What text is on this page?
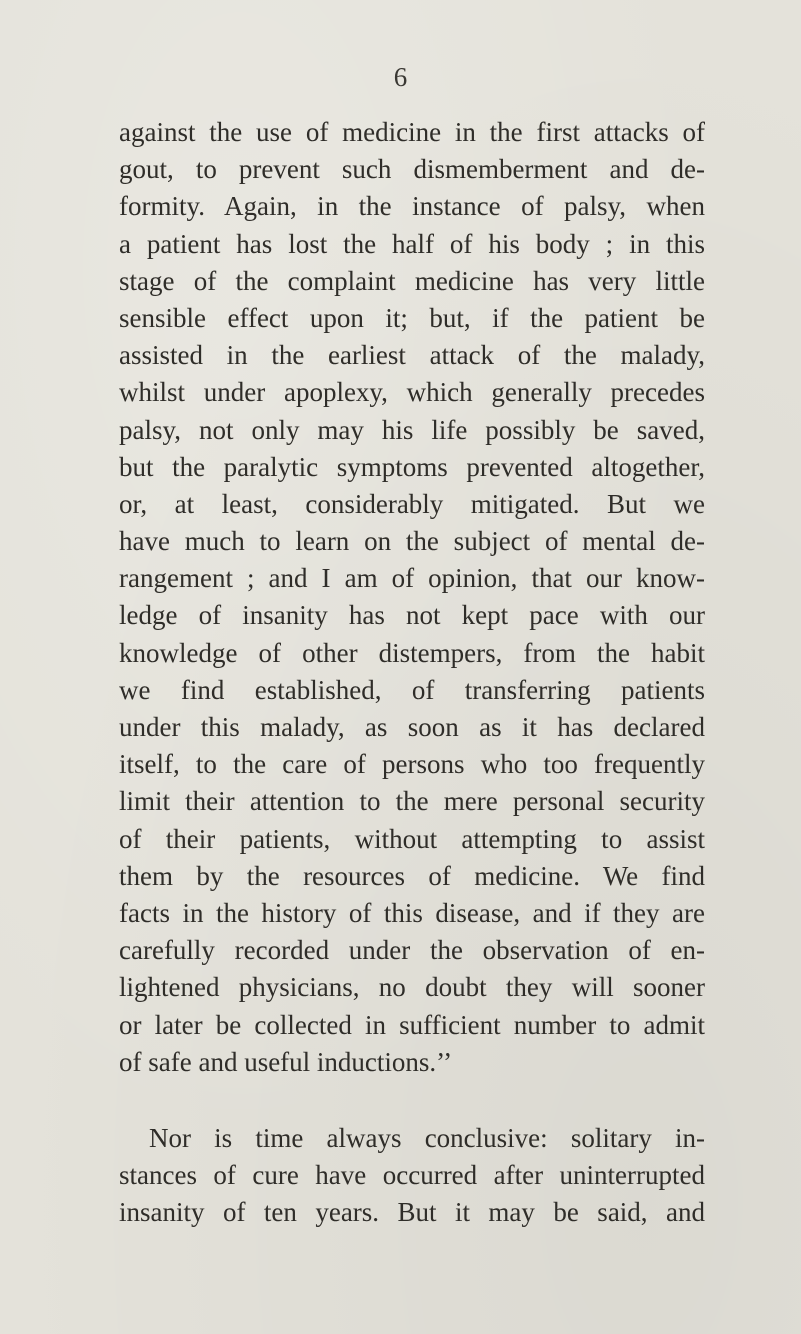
6
against the use of medicine in the first attacks of
gout, to prevent such dismemberment and de-
formity. Again, in the instance of palsy, when
a patient has lost the half of his body ; in this
stage of the complaint medicine has very little
sensible effect upon it; but, if the patient be
assisted in the earliest attack of the malady,
whilst under apoplexy, which generally precedes
palsy, not only may his life possibly be saved,
but the paralytic symptoms prevented altogether,
or, at least, considerably mitigated. But we
have much to learn on the subject of mental de-
rangement ; and I am of opinion, that our know-
ledge of insanity has not kept pace with our
knowledge of other distempers, from the habit
we find established, of transferring patients
under this malady, as soon as it has declared
itself, to the care of persons who too frequently
limit their attention to the mere personal security
of their patients, without attempting to assist
them by the resources of medicine. We find
facts in the history of this disease, and if they are
carefully recorded under the observation of en-
lightened physicians, no doubt they will sooner
or later be collected in sufficient number to admit
of safe and useful inductions.’’
Nor is time always conclusive: solitary in-
stances of cure have occurred after uninterrupted
insanity of ten years. But it may be said, and
